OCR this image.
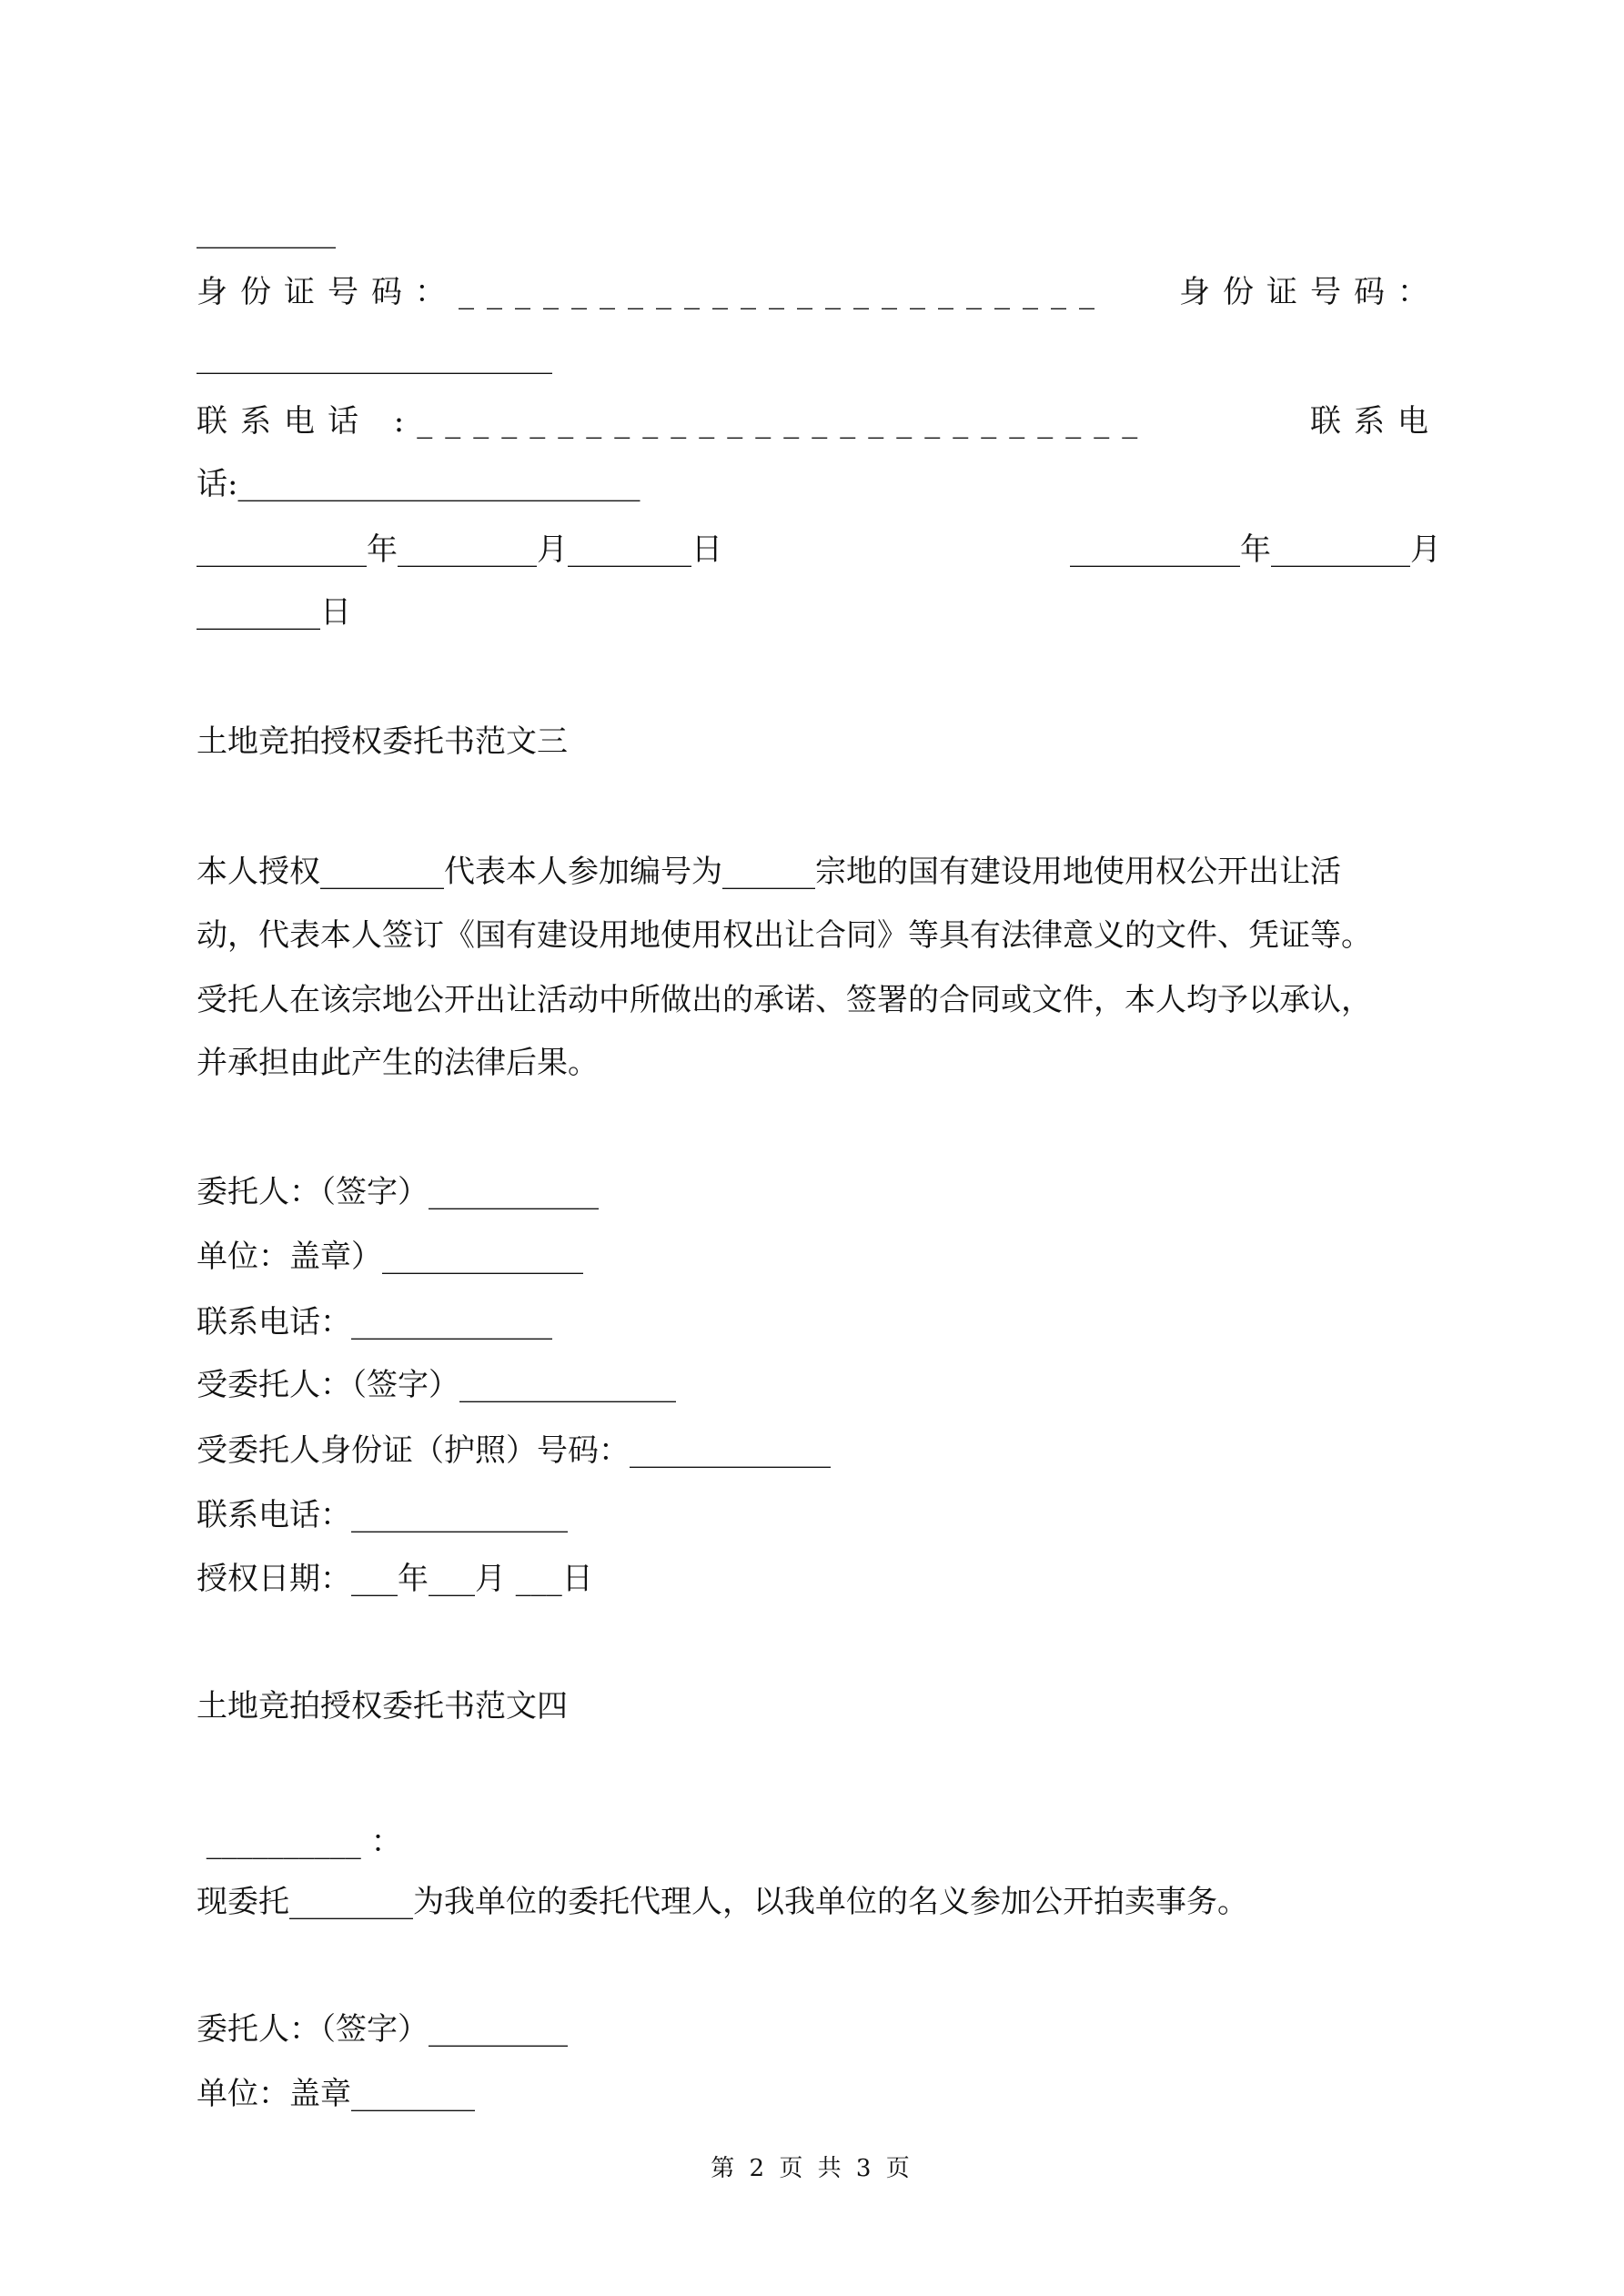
_________
身份证号码：_______________________ 身份证号码：
_______________________
联系电话 :__________________________	联系电
话:__________________________
___________年_________月________日	___________年_________月
________日
土地竞拍授权委托书范文三
本人授权________代表本人参加编号为______宗地的国有建设用地使用权公开出让活
动，代表本人签订《国有建设用地使用权出让合同》等具有法律意义的文件、凭证等。
受托人在该宗地公开出让活动中所做出的承诺、签署的合同或文件，本人均予以承认，
并承担由此产生的法律后果。
委托人：（签字）___________
单位：盖章）_____________
联系电话：_____________
受委托人：（签字）______________
受委托人身份证（护照）号码：_____________
联系电话：______________
授权日期：___年___月 ___日
土地竞拍授权委托书范文四
__________ ：
现委托________为我单位的委托代理人，以我单位的名义参加公开拍卖事务。
委托人：（签字）_________
单位：盖章________
第 2 页 共 3 页
